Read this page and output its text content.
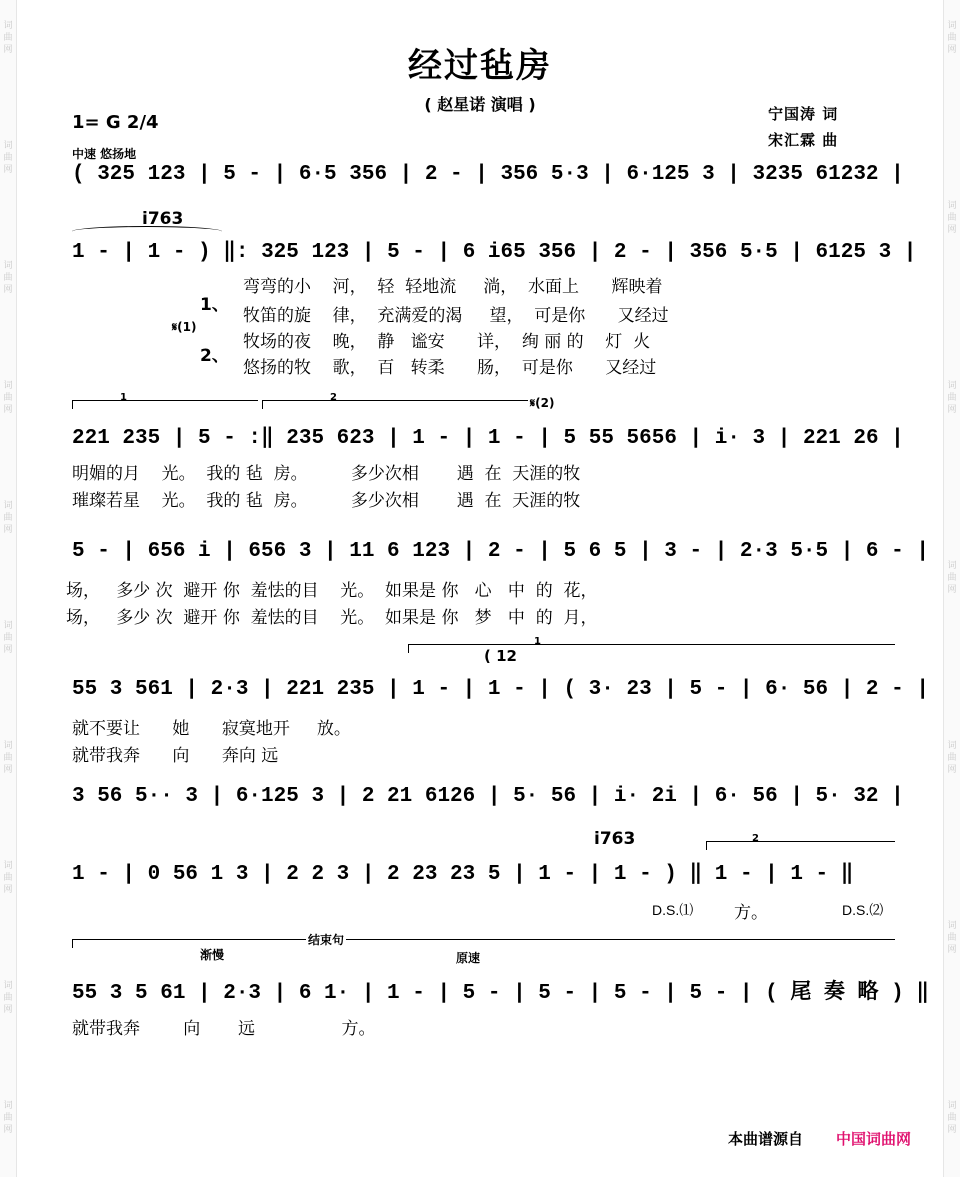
词曲网
词曲网
词曲网
词曲网
词曲网
词曲网
词曲网
词曲网
词曲网
词曲网
词曲网
词曲网
词曲网
词曲网
词曲网
词曲网
词曲网
经过毡房
( 赵星诺 演唱 )
1= G 2/4
中速 悠扬地
宁国涛 词
宋汇霖 曲
( 325 123 | 5 - | 6·5 356 | 2 - | 356 5·3 | 6·125 3 | 3235 61232 |
i763
1 - | 1 - ) ‖: 325 123 | 5 - | 6 i65 356 | 2 - | 356 5·5 | 6125 3 |
1、
𝄋(1)
2、
弯弯的小    河，  轻  轻地流     淌，  水面上      辉映着
牧笛的旋    律，  充满爱的渴     望，  可是你      又经过
牧场的夜    晚，  静   谧安      详，  绚 丽 的    灯  火
悠扬的牧    歌，  百   转柔      肠，  可是你      又经过
1	2	𝄋(2)
221 235 | 5 - :‖ 235 623 | 1 - | 1 - | 5 55 5656 | i· 3 | 221 26 |
明媚的月    光。  我的 毡  房。        多少次相       遇  在  天涯的牧
璀璨若星    光。  我的 毡  房。        多少次相       遇  在  天涯的牧
5 - | 656 i | 656 3 | 11 6 123 | 2 - | 5 6 5 | 3 - | 2·3 5·5 | 6 - |
场，   多少 次  避开 你  羞怯的目    光。  如果是 你   心   中  的  花，
场，   多少 次  避开 你  羞怯的目    光。  如果是 你   梦   中  的  月，
1
( 12
55 3 561 | 2·3 | 221 235 | 1 - | 1 - | ( 3· 23 | 5 - | 6· 56 | 2 - |
就不要让      她      寂寞地开     放。
就带我奔      向      奔向 远
3 56 5·· 3 | 6·125 3 | 2 21 6126 | 5· 56 | i· 2i | 6· 56 | 5· 32 |
i763	2
1 - | 0 56 1 3 | 2 2 3 | 2 23 23 5 | 1 - | 1 - ) ‖ 1 - | 1 - ‖
D.S.⑴ 方。	D.S.⑵
结束句
渐慢	原速
55 3 5 61 | 2·3 | 6 1· | 1 - | 5 - | 5 - | 5 - | 5 - | ( 尾 奏 略 ) ‖
就带我奔        向       远                方。
本曲谱源自 中国词曲网
